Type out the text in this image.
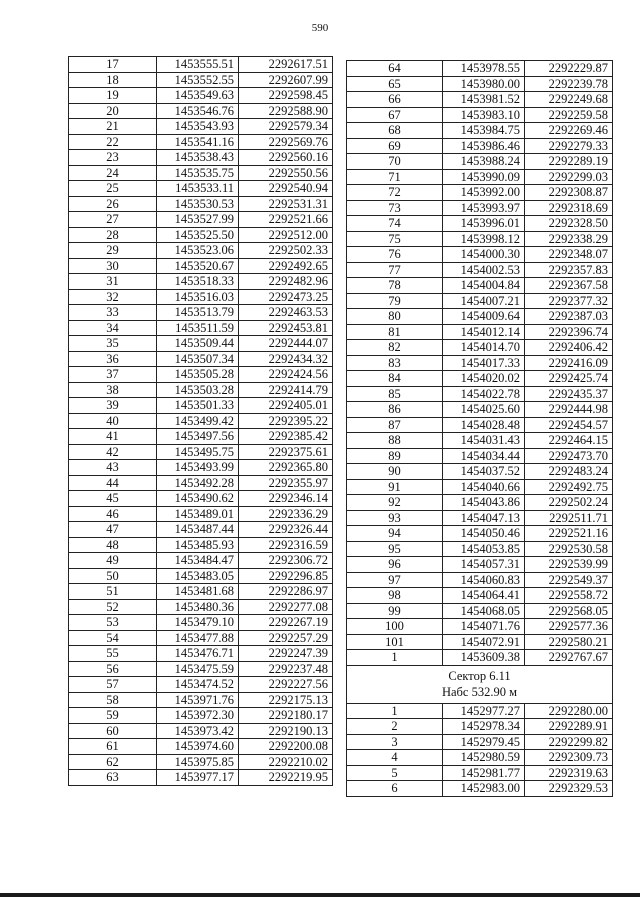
590
17	1453555.51	2292617.51
18	1453552.55	2292607.99
19	1453549.63	2292598.45
20	1453546.76	2292588.90
21	1453543.93	2292579.34
22	1453541.16	2292569.76
23	1453538.43	2292560.16
24	1453535.75	2292550.56
25	1453533.11	2292540.94
26	1453530.53	2292531.31
27	1453527.99	2292521.66
28	1453525.50	2292512.00
29	1453523.06	2292502.33
30	1453520.67	2292492.65
31	1453518.33	2292482.96
32	1453516.03	2292473.25
33	1453513.79	2292463.53
34	1453511.59	2292453.81
35	1453509.44	2292444.07
36	1453507.34	2292434.32
37	1453505.28	2292424.56
38	1453503.28	2292414.79
39	1453501.33	2292405.01
40	1453499.42	2292395.22
41	1453497.56	2292385.42
42	1453495.75	2292375.61
43	1453493.99	2292365.80
44	1453492.28	2292355.97
45	1453490.62	2292346.14
46	1453489.01	2292336.29
47	1453487.44	2292326.44
48	1453485.93	2292316.59
49	1453484.47	2292306.72
50	1453483.05	2292296.85
51	1453481.68	2292286.97
52	1453480.36	2292277.08
53	1453479.10	2292267.19
54	1453477.88	2292257.29
55	1453476.71	2292247.39
56	1453475.59	2292237.48
57	1453474.52	2292227.56
58	1453971.76	2292175.13
59	1453972.30	2292180.17
60	1453973.42	2292190.13
61	1453974.60	2292200.08
62	1453975.85	2292210.02
63	1453977.17	2292219.95
64	1453978.55	2292229.87
65	1453980.00	2292239.78
66	1453981.52	2292249.68
67	1453983.10	2292259.58
68	1453984.75	2292269.46
69	1453986.46	2292279.33
70	1453988.24	2292289.19
71	1453990.09	2292299.03
72	1453992.00	2292308.87
73	1453993.97	2292318.69
74	1453996.01	2292328.50
75	1453998.12	2292338.29
76	1454000.30	2292348.07
77	1454002.53	2292357.83
78	1454004.84	2292367.58
79	1454007.21	2292377.32
80	1454009.64	2292387.03
81	1454012.14	2292396.74
82	1454014.70	2292406.42
83	1454017.33	2292416.09
84	1454020.02	2292425.74
85	1454022.78	2292435.37
86	1454025.60	2292444.98
87	1454028.48	2292454.57
88	1454031.43	2292464.15
89	1454034.44	2292473.70
90	1454037.52	2292483.24
91	1454040.66	2292492.75
92	1454043.86	2292502.24
93	1454047.13	2292511.71
94	1454050.46	2292521.16
95	1454053.85	2292530.58
96	1454057.31	2292539.99
97	1454060.83	2292549.37
98	1454064.41	2292558.72
99	1454068.05	2292568.05
100	1454071.76	2292577.36
101	1454072.91	2292580.21
1	1453609.38	2292767.67

Сектор 6.11
Набс 532.90 м		

1	1452977.27	2292280.00
2	1452978.34	2292289.91
3	1452979.45	2292299.82
4	1452980.59	2292309.73
5	1452981.77	2292319.63
6	1452983.00	2292329.53
